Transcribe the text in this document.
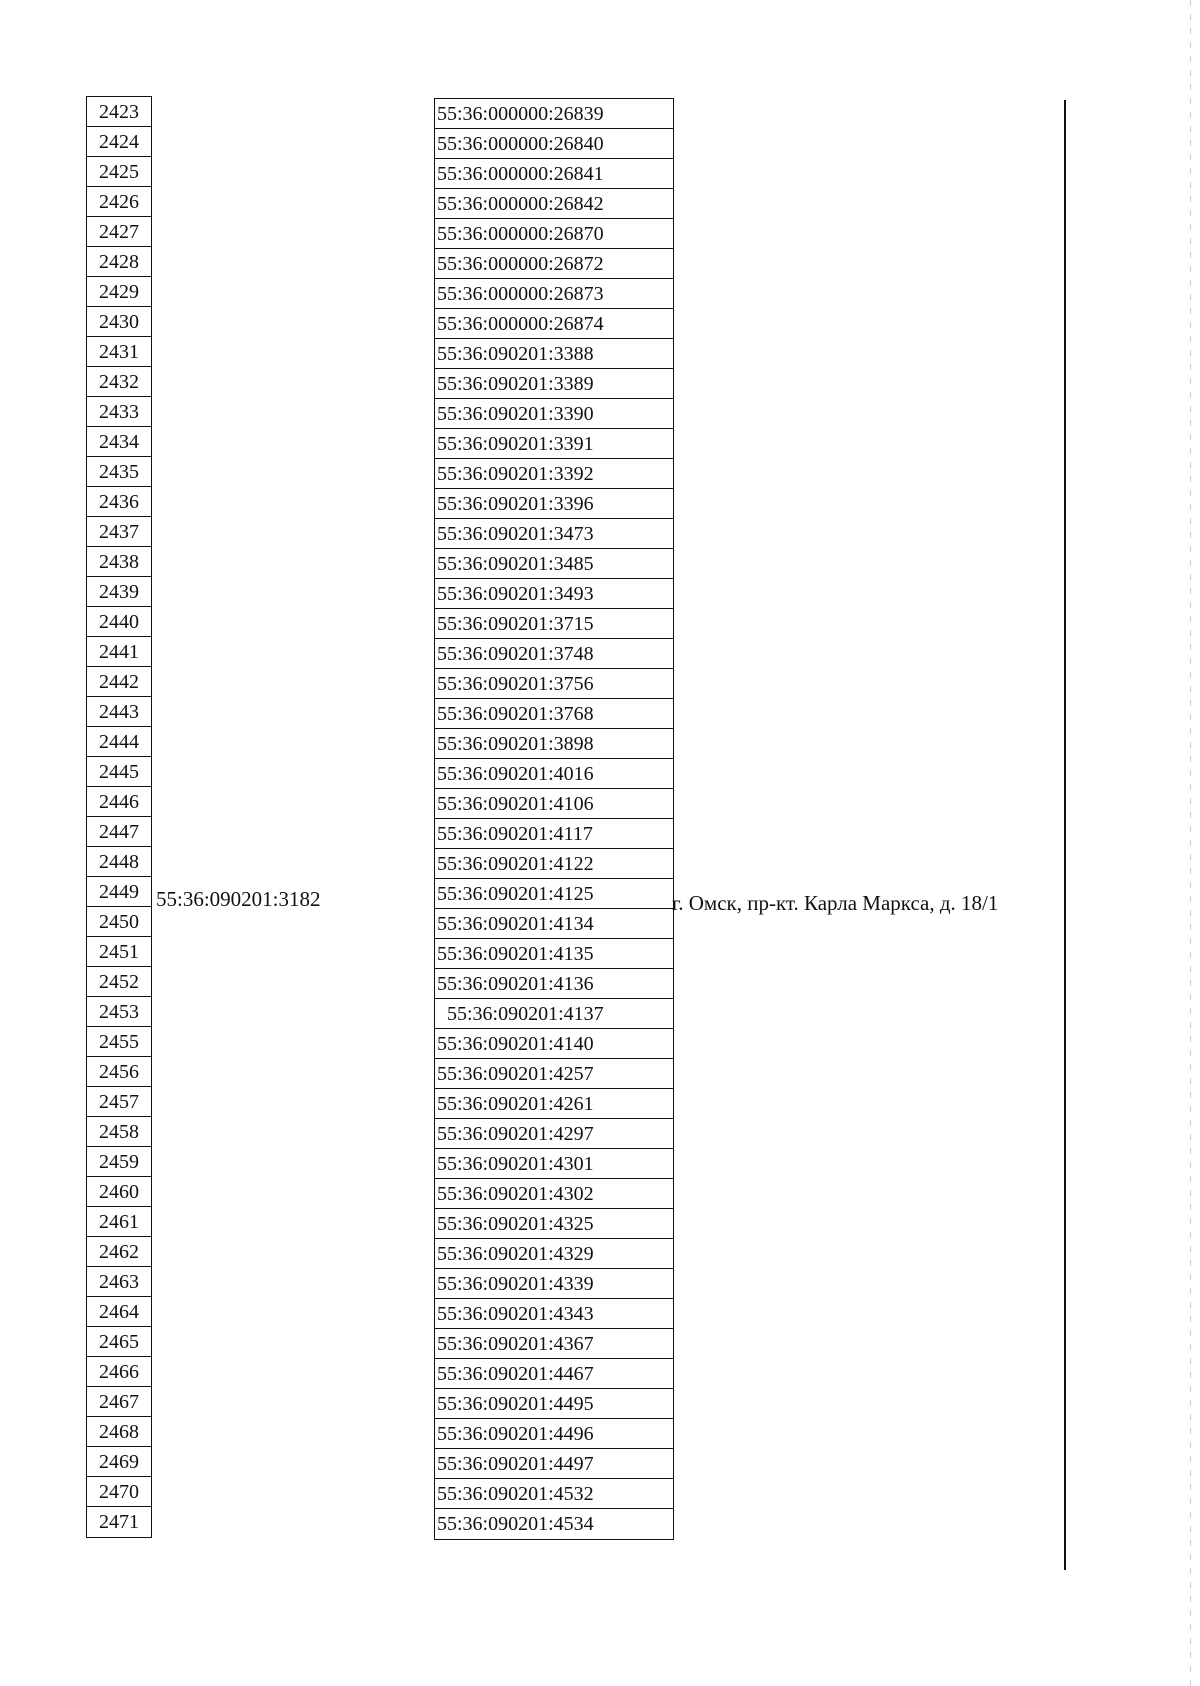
2423
2424
2425
2426
2427
2428
2429
2430
2431
2432
2433
2434
2435
2436
2437
2438
2439
2440
2441
2442
2443
2444
2445
2446
2447
2448
2449
2450
2451
2452
2453
2455
2456
2457
2458
2459
2460
2461
2462
2463
2464
2465
2466
2467
2468
2469
2470
2471
55:36:090201:3182
55:36:000000:26839
55:36:000000:26840
55:36:000000:26841
55:36:000000:26842
55:36:000000:26870
55:36:000000:26872
55:36:000000:26873
55:36:000000:26874
55:36:090201:3388
55:36:090201:3389
55:36:090201:3390
55:36:090201:3391
55:36:090201:3392
55:36:090201:3396
55:36:090201:3473
55:36:090201:3485
55:36:090201:3493
55:36:090201:3715
55:36:090201:3748
55:36:090201:3756
55:36:090201:3768
55:36:090201:3898
55:36:090201:4016
55:36:090201:4106
55:36:090201:4117
55:36:090201:4122
55:36:090201:4125
55:36:090201:4134
55:36:090201:4135
55:36:090201:4136
55:36:090201:4137
55:36:090201:4140
55:36:090201:4257
55:36:090201:4261
55:36:090201:4297
55:36:090201:4301
55:36:090201:4302
55:36:090201:4325
55:36:090201:4329
55:36:090201:4339
55:36:090201:4343
55:36:090201:4367
55:36:090201:4467
55:36:090201:4495
55:36:090201:4496
55:36:090201:4497
55:36:090201:4532
55:36:090201:4534
г. Омск, пр-кт. Карла Маркса, д. 18/1
